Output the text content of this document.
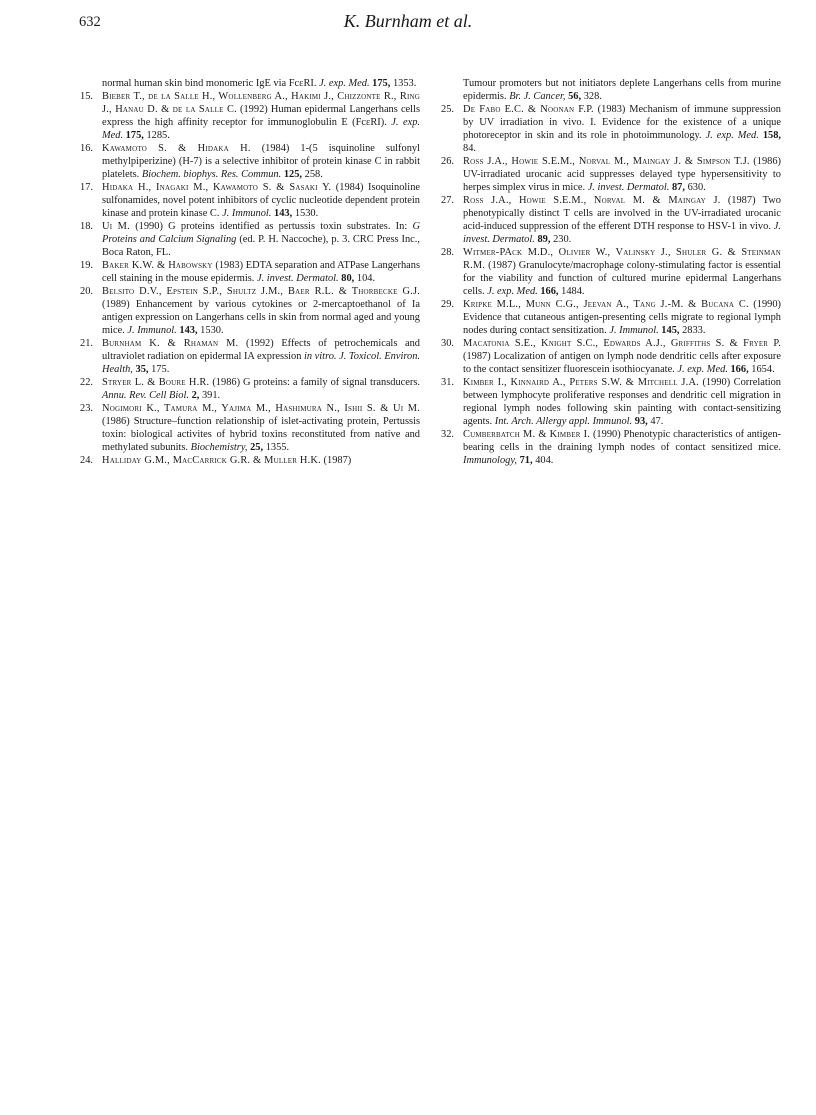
632	K. Burnham et al.
normal human skin bind monomeric IgE via FcεRI. J. exp. Med. 175, 1353.
15. Bieber T., de la Salle H., Wollenberg A., Hakimi J., Chizzonte R., Ring J., Hanau D. & de la Salle C. (1992) Human epidermal Langerhans cells express the high affinity receptor for immunoglobulin E (FcεRI). J. exp. Med. 175, 1285.
16. Kawamoto S. & Hidaka H. (1984) 1-(5 isquinoline sulfonyl methylpiperizine) (H-7) is a selective inhibitor of protein kinase C in rabbit platelets. Biochem. biophys. Res. Commun. 125, 258.
17. Hidaka H., Inagaki M., Kawamoto S. & Sasaki Y. (1984) Isoquinoline sulfonamides, novel potent inhibitors of cyclic nucleotide dependent protein kinase and protein kinase C. J. Immunol. 143, 1530.
18. Ui M. (1990) G proteins identified as pertussis toxin substrates. In: G Proteins and Calcium Signaling (ed. P. H. Naccoche), p. 3. CRC Press Inc., Boca Raton, FL.
19. Baker K.W. & Habowsky (1983) EDTA separation and ATPase Langerhans cell staining in the mouse epidermis. J. invest. Dermatol. 80, 104.
20. Belsito D.V., Epstein S.P., Shultz J.M., Baer R.L. & Thorbecke G.J. (1989) Enhancement by various cytokines or 2-mercaptoethanol of Ia antigen expression on Langerhans cells in skin from normal aged and young mice. J. Immunol. 143, 1530.
21. Burnham K. & Rhaman M. (1992) Effects of petrochemicals and ultraviolet radiation on epidermal IA expression in vitro. J. Toxicol. Environ. Health, 35, 175.
22. Stryer L. & Boure H.R. (1986) G proteins: a family of signal transducers. Annu. Rev. Cell Biol. 2, 391.
23. Nogimori K., Tamura M., Yajima M., Hashimura N., Ishii S. & Ui M. (1986) Structure–function relationship of islet-activating protein, Pertussis toxin: biological activites of hybrid toxins reconstituted from native and methylated subunits. Biochemistry, 25, 1355.
24. Halliday G.M., MacCarrick G.R. & Muller H.K. (1987)
Tumour promoters but not initiators deplete Langerhans cells from murine epidermis. Br. J. Cancer, 56, 328.
25. De Fabo E.C. & Noonan F.P. (1983) Mechanism of immune suppression by UV irradiation in vivo. I. Evidence for the existence of a unique photoreceptor in skin and its role in photoimmunology. J. exp. Med. 158, 84.
26. Ross J.A., Howie S.E.M., Norval M., Maingay J. & Simpson T.J. (1986) UV-irradiated urocanic acid suppresses delayed type hypersensitivity to herpes simplex virus in mice. J. invest. Dermatol. 87, 630.
27. Ross J.A., Howie S.E.M., Norval M. & Maingay J. (1987) Two phenotypically distinct T cells are involved in the UV-irradiated urocanic acid-induced suppression of the efferent DTH response to HSV-1 in vivo. J. invest. Dermatol. 89, 230.
28. Witmer-PAck M.D., Olivier W., Valinsky J., Shuler G. & Steinman R.M. (1987) Granulocyte/macrophage colony-stimulating factor is essential for the viability and function of cultured murine epidermal Langerhans cells. J. exp. Med. 166, 1484.
29. Kripke M.L., Munn C.G., Jeevan A., Tang J.-M. & Bucana C. (1990) Evidence that cutaneous antigen-presenting cells migrate to regional lymph nodes during contact sensitization. J. Immunol. 145, 2833.
30. Macatonia S.E., Knight S.C., Edwards A.J., Griffiths S. & Fryer P. (1987) Localization of antigen on lymph node dendritic cells after exposure to the contact sensitizer fluorescein isothiocyanate. J. exp. Med. 166, 1654.
31. Kimber I., Kinnaird A., Peters S.W. & Mitchell J.A. (1990) Correlation between lymphocyte proliferative responses and dendritic cell migration in regional lymph nodes following skin painting with contact-sensitizing agents. Int. Arch. Allergy appl. Immunol. 93, 47.
32. Cumberbatch M. & Kimber I. (1990) Phenotypic characteristics of antigen-bearing cells in the draining lymph nodes of contact sensitized mice. Immunology, 71, 404.
